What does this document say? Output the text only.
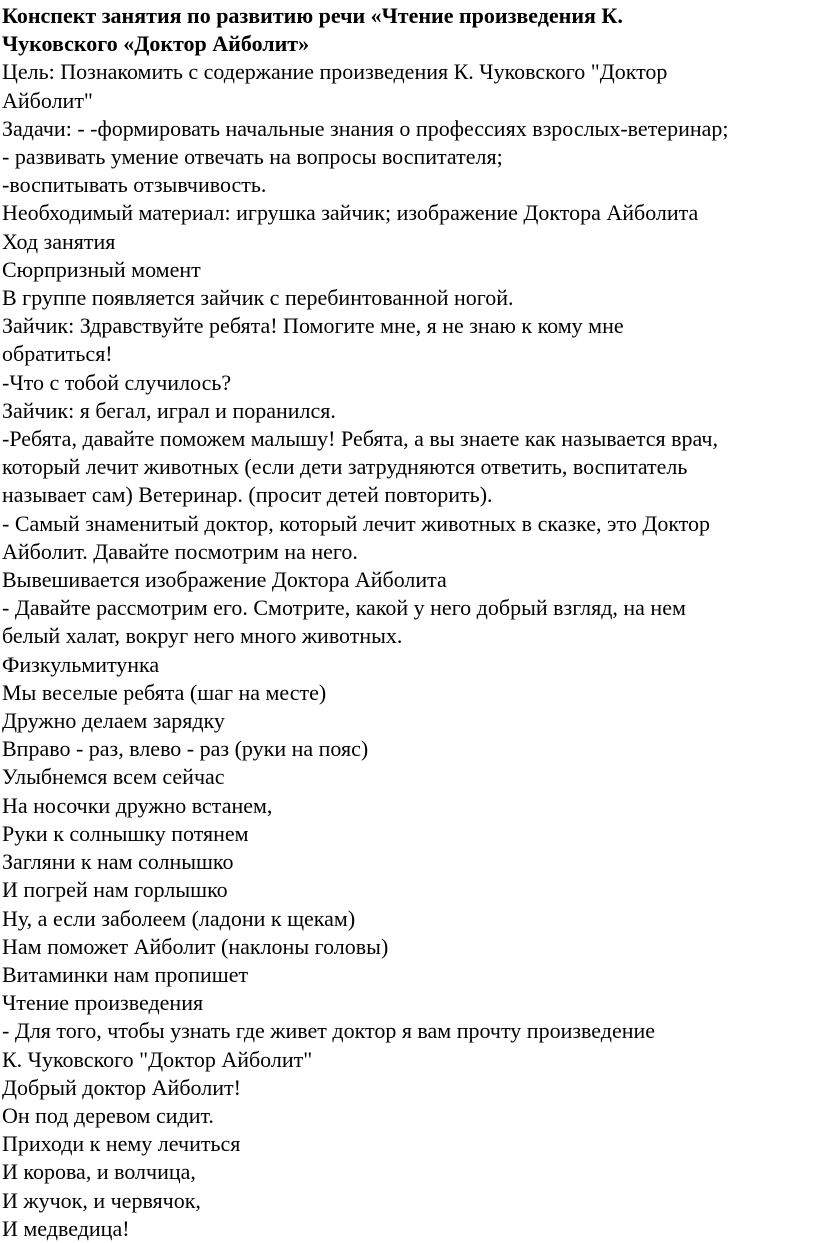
Конспект занятия по развитию речи «Чтение произведения К.
Чуковского «Доктор Айболит»
Цель: Познакомить с содержание произведения К. Чуковского "Доктор
Айболит"
Задачи: - -формировать начальные знания о профессиях взрослых-ветеринар;
- развивать умение отвечать на вопросы воспитателя;
-воспитывать отзывчивость.
Необходимый материал: игрушка зайчик; изображение Доктора Айболита
Ход занятия
Сюрпризный момент
В группе появляется зайчик с перебинтованной ногой.
Зайчик: Здравствуйте ребята! Помогите мне, я не знаю к кому мне
обратиться!
-Что с тобой случилось?
Зайчик: я бегал, играл и поранился.
-Ребята, давайте поможем малышу! Ребята, а вы знаете как называется врач,
который лечит животных (если дети затрудняются ответить, воспитатель
называет сам) Ветеринар. (просит детей повторить).
- Самый знаменитый доктор, который лечит животных в сказке, это Доктор
Айболит. Давайте посмотрим на него.
Вывешивается изображение Доктора Айболита
- Давайте рассмотрим его. Смотрите, какой у него добрый взгляд, на нем
белый халат, вокруг него много животных.
Физкульмитунка
Мы веселые ребята (шаг на месте)
Дружно делаем зарядку
Вправо - раз, влево - раз (руки на пояс)
Улыбнемся всем сейчас
На носочки дружно встанем,
Руки к солнышку потянем
Загляни к нам солнышко
И погрей нам горлышко
Ну, а если заболеем (ладони к щекам)
Нам поможет Айболит (наклоны головы)
Витаминки нам пропишет
Чтение произведения
- Для того, чтобы узнать где живет доктор я вам прочту произведение
К. Чуковского "Доктор Айболит"
Добрый доктор Айболит!
Он под деревом сидит.
Приходи к нему лечиться
И корова, и волчица,
И жучок, и червячок,
И медведица!
